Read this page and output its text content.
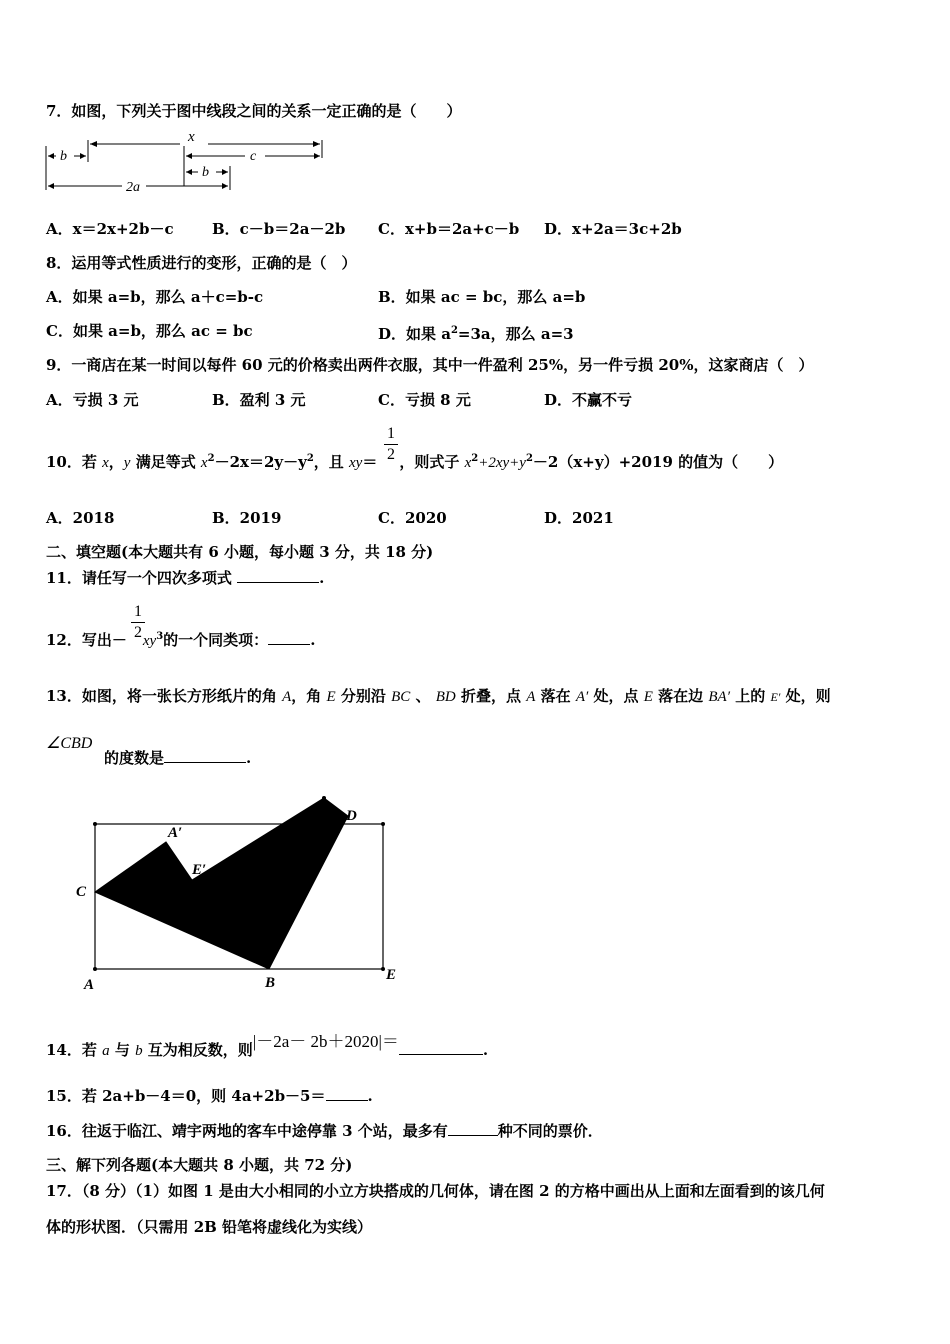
7．如图，下列关于图中线段之间的关系一定正确的是（　　）
x
b	c
b
2a
A．x＝2x+2b－c	B．c－b＝2a－2b C．x+b＝2a+c－b D．x+2a＝3c+2b
8．运用等式性质进行的变形，正确的是（　）
A．如果 a=b，那么 a＋c=b-c	B．如果 ac = bc，那么 a=b
C．如果 a=b，那么 ac = bc	D．如果 $a^2=3a$，那么 a=3
9．一商店在某一时间以每件 60 元的价格卖出两件衣服，其中一件盈利 25%，另一件亏损 20%，这家商店（　）
A．亏损 3 元	B．盈利 3 元	C．亏损 8 元	D．不赢不亏
10．若 x，y 满足等式 $x^2-2x=2y-y^2$，且 xy＝ ，则式子 $x^2+2xy+y^2-2(x+y)+2019$ 的值为（　　）
1
2
A．2018	B．2019	C．2020	D．2021
二、填空题(本大题共有 6 小题，每小题 3 分，共 18 分)
11．请任写一个四次多项式	.
12．写出－ $xy^3$的一个同类项：	.
1
2
13．如图，将一张长方形纸片的角 A，角 E 分别沿 BC 、 BD 折叠，点 A 落在 A′ 处，点 E 落在边 BA′ 上的 E′ 处，则
∠CBD
的度数是	.
C
A	B	E
D
A′
E′
14．若 a 与 b 互为相反数，则|－2a－ 2b＋2020|＝	.
15．若 2a+b－4＝0，则 4a+2b－5＝	.
16．往返于临江、靖宇两地的客车中途停靠 3 个站，最多有	种不同的票价．
三、解下列各题(本大题共 8 小题，共 72 分)
17．（8 分）（1）如图 1 是由大小相同的小立方块搭成的几何体，请在图 2 的方格中画出从上面和左面看到的该几何
体的形状图．（只需用 2B 铅笔将虚线化为实线）
